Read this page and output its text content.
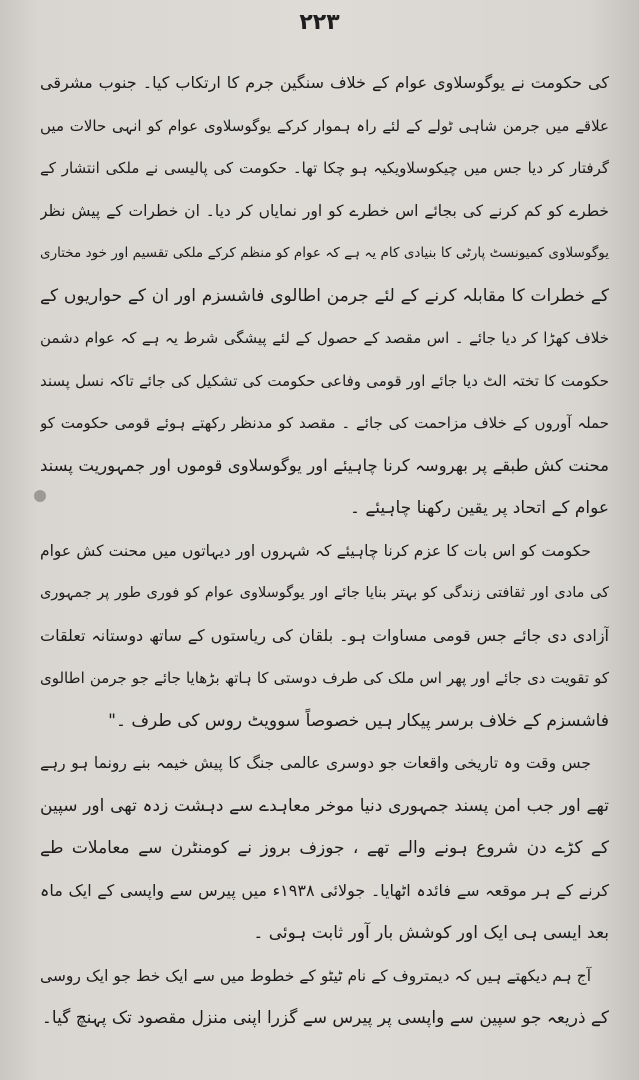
۲۲۳
کی حکومت نے یوگوسلاوی عوام کے خلاف سنگین جرم کا ارتکاب کیا۔ جنوب مشرقی
علاقے میں جرمن شاہی ٹولے کے لئے راہ ہموار کرکے یوگوسلاوی عوام کو انہی حالات میں
گرفتار کر دیا جس میں چیکوسلاویکیہ ہو چکا تھا۔ حکومت کی پالیسی نے ملکی انتشار کے
خطرے کو کم کرنے کی بجائے اس خطرے کو اور نمایاں کر دیا۔ ان خطرات کے پیش نظر
یوگوسلاوی کمیونسٹ پارٹی کا بنیادی کام یہ ہے کہ عوام کو منظم کرکے ملکی تقسیم اور خود مختاری
کے خطرات کا مقابلہ کرنے کے لئے جرمن اطالوی فاشسزم اور ان کے حواریوں کے
خلاف کھڑا کر دیا جائے ۔ اس مقصد کے حصول کے لئے پیشگی شرط یہ ہے کہ عوام دشمن
حکومت کا تختہ الٹ دیا جائے اور قومی وفاعی حکومت کی تشکیل کی جائے تاکہ نسل پسند
حملہ آوروں کے خلاف مزاحمت کی جائے ۔ مقصد کو مدنظر رکھتے ہوئے قومی حکومت کو
محنت کش طبقے پر بھروسہ کرنا چاہیئے اور یوگوسلاوی قوموں اور جمہوریت پسند
عوام کے اتحاد پر یقین رکھنا چاہیئے ۔
حکومت کو اس بات کا عزم کرنا چاہیئے کہ شہروں اور دیہاتوں میں محنت کش عوام
کی مادی اور ثقافتی زندگی کو بہتر بنایا جائے اور یوگوسلاوی عوام کو فوری طور پر جمہوری
آزادی دی جائے جس قومی مساوات ہو۔ بلقان کی ریاستوں کے ساتھ دوستانہ تعلقات
کو تقویت دی جائے اور پھر اس ملک کی طرف دوستی کا ہاتھ بڑھایا جائے جو جرمن اطالوی
فاشسزم کے خلاف برسر پیکار ہیں خصوصاً سوویٹ روس کی طرف ۔"
جس وقت وہ تاریخی واقعات جو دوسری عالمی جنگ کا پیش خیمہ بنے رونما ہو رہے
تھے اور جب امن پسند جمہوری دنیا موخر معاہدے سے دہشت زدہ تھی اور سپین
کے کڑے دن شروع ہونے والے تھے ، جوزف بروز نے کومنٹرن سے معاملات طے
کرنے کے ہر موقعہ سے فائدہ اٹھایا۔ جولائی ۱۹۳۸ء میں پیرس سے واپسی کے ایک ماہ
بعد ایسی ہی ایک اور کوشش بار آور ثابت ہوئی ۔
آج ہم دیکھتے ہیں کہ دیمتروف کے نام ٹیٹو کے خطوط میں سے ایک خط جو ایک روسی
کے ذریعہ جو سپین سے واپسی پر پیرس سے گزرا اپنی منزل مقصود تک پہنچ گیا۔
